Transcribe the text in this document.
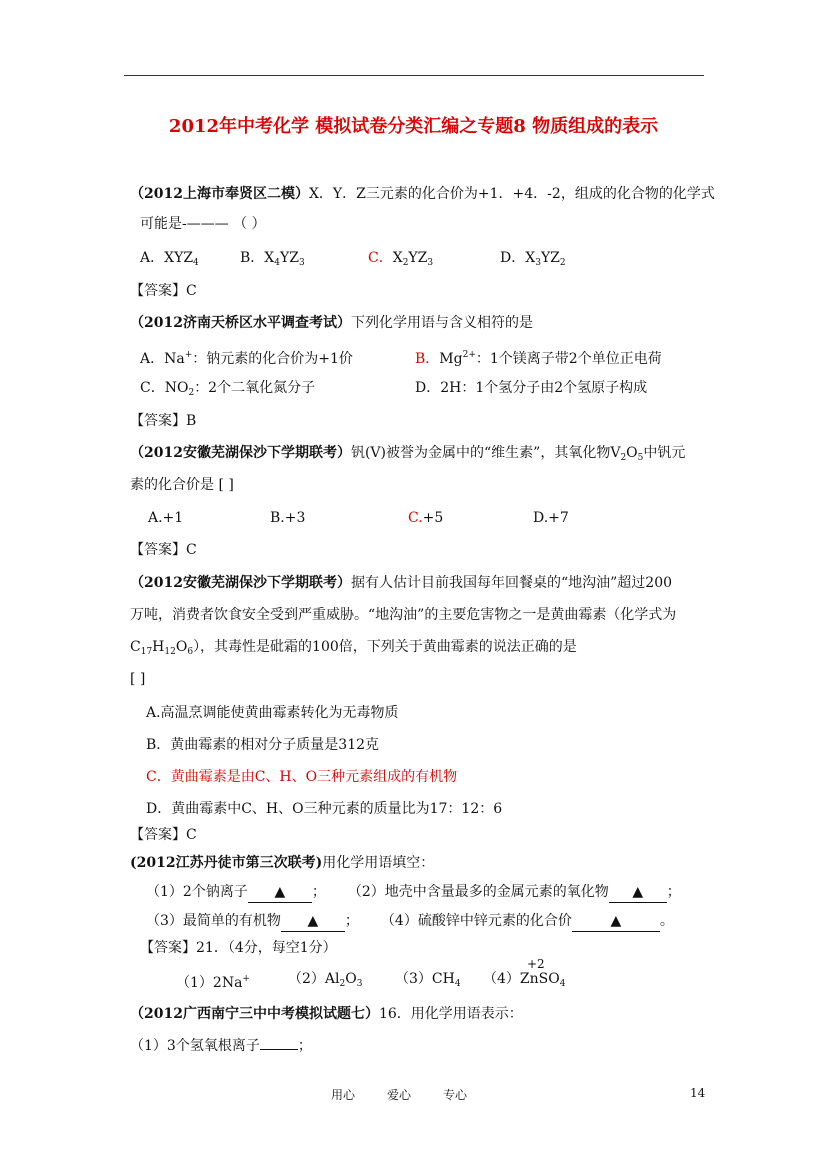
2012年中考化学 模拟试卷分类汇编之专题8 物质组成的表示
（2012上海市奉贤区二模）X．Y．Z三元素的化合价为+1．+4．-2，组成的化合物的化学式
可能是-——— （ ）
A．$XYZ_4$	B．$X_4YZ_3$	C．$X_2YZ_3$	D．$X_3YZ_2$
【答案】C
（2012济南天桥区水平调查考试）下列化学用语与含义相符的是
A．Na+：钠元素的化合价为+1价	B．$Mg^{2+}$：1个镁离子带2个单位正电荷
C．$NO_2$：2个二氧化氮分子	D．2H：1个氢分子由2个氢原子构成
【答案】B
（2012安徽芜湖保沙下学期联考）钒(V)被誉为金属中的“维生素”，其氧化物$V_2O_5$中钒元
素的化合价是 [ ]
A.+1	B.+3	C.+5	D.+7
【答案】C
（2012安徽芜湖保沙下学期联考）据有人估计目前我国每年回餐桌的“地沟油”超过200
万吨，消费者饮食安全受到严重威胁。“地沟油”的主要危害物之一是黄曲霉素（化学式为
$C_{17}H_{12}O_6$），其毒性是砒霜的100倍，下列关于黄曲霉素的说法正确的是
[ ]
A.高温烹调能使黄曲霉素转化为无毒物质
B．黄曲霉素的相对分子质量是312克
C．黄曲霉素是由C、H、O三种元素组成的有机物
D．黄曲霉素中C、H、O三种元素的质量比为17：12：6
【答案】C
(2012江苏丹徒市第三次联考)用化学用语填空：
（1）2个钠离子 ▲ ； （2）地壳中含量最多的金属元素的氧化物 ▲ ；
（3）最简单的有机物 ▲ ； （4）硫酸锌中锌元素的化合价	▲	。
【答案】21．（4分，每空1分）
+2
（1）2Na+	$(2)Al_2O_3$ $(3)CH_4$ （4）ZnSO$_4$
（2012广西南宁三中中考模拟试题七）16．用化学用语表示：
（1）3个氢氧根离子	；
用心	爱心	专心	14
